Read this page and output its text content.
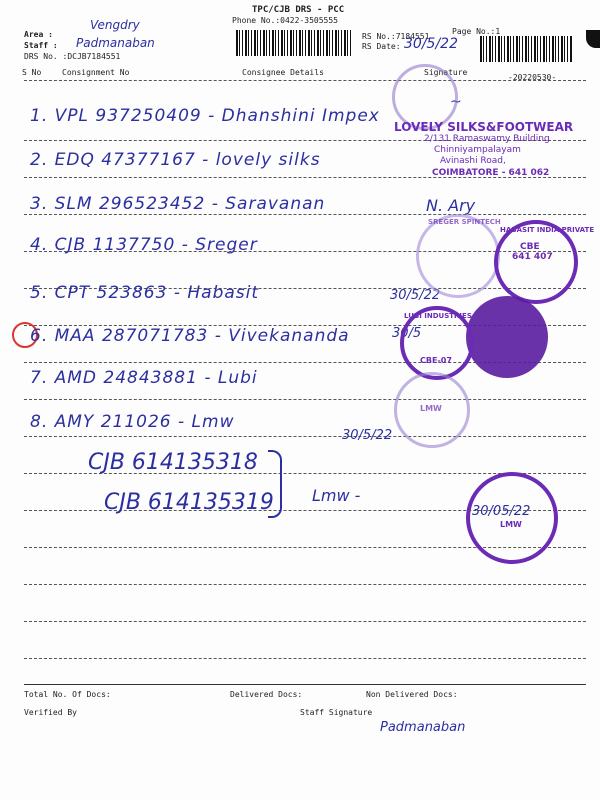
TPC/CJB DRS - PCC
Phone No.:0422-3505555
Page No.:1
Area :
Vengdry
Staff : Padmanaban
DRS No. :DCJB7184551
RS No.:7184551
RS Date: 30/5/22
S No	Consignment No	Consignee Details	Signature
-20220530-
1. VPL 937250409 - Dhanshini Impex
2. EDQ 47377167 - lovely silks
3. SLM 296523452 - Saravanan
4. CJB 1137750 - Sreger
5. CPT 523863 - Habasit
6. MAA 287071783 - Vivekananda
7. AMD 24843881 - Lubi
8. AMY 211026 - Lmw
CJB 614135318
CJB 614135319 Lmw -
~
N. Ary
30/5/22
30/5
30/5/22
30/05/22
LOVELY SILKS&FOOTWEAR
2/131 Ramaswamy Building
Chinniyampalayam
Avinashi Road,
COIMBATORE - 641 062
SREGER SPINTECH
HABASIT INDIA PRIVATE
641 407
CBE
LUBI INDUSTRIES
CBE-07
LMW
LMW
Total No. Of Docs:	Delivered Docs:	Non Delivered Docs:
Verified By	Staff Signature
Padmanaban
